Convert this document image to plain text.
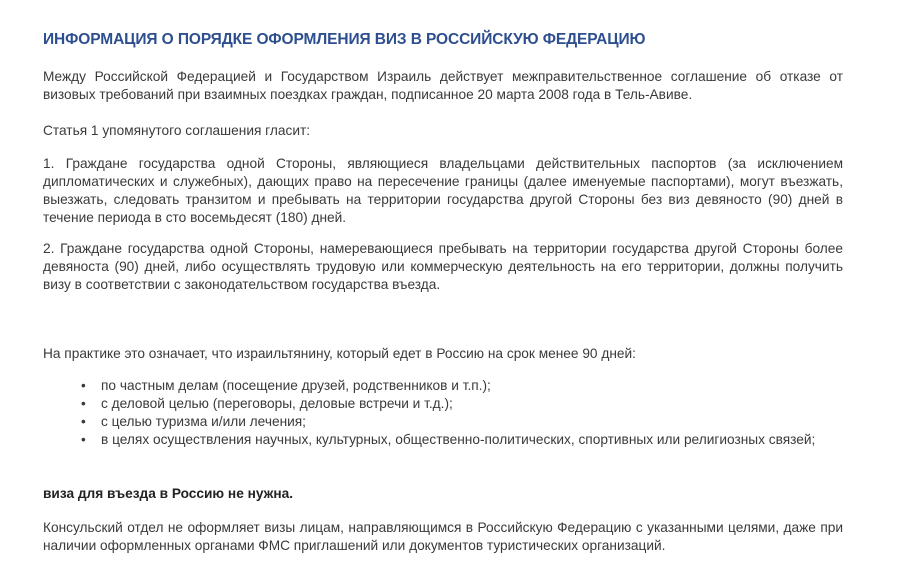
ИНФОРМАЦИЯ О ПОРЯДКЕ ОФОРМЛЕНИЯ ВИЗ В РОССИЙСКУЮ ФЕДЕРАЦИЮ

Между Российской Федерацией и Государством Израиль действует межправительственное соглашение об отказе от визовых требований при взаимных поездках граждан, подписанное 20 марта 2008 года в Тель-Авиве.

Статья 1 упомянутого соглашения гласит:

1. Граждане государства одной Стороны, являющиеся владельцами действительных паспортов (за исключением дипломатических и служебных), дающих право на пересечение границы (далее именуемые паспортами), могут въезжать, выезжать, следовать транзитом и пребывать на территории государства другой Стороны без виз девяносто (90) дней в течение периода в сто восемьдесят (180) дней.

2. Граждане государства одной Стороны, намеревающиеся пребывать на территории государства другой Стороны более девяноста (90) дней, либо осуществлять трудовую или коммерческую деятельность на его территории, должны получить визу в соответствии с законодательством государства въезда.

На практике это означает, что израильтянину, который едет в Россию на срок менее 90 дней:

• по частным делам (посещение друзей, родственников и т.п.);
• с деловой целью (переговоры, деловые встречи и т.д.);
• с целью туризма и/или лечения;
• в целях осуществления научных, культурных, общественно-политических, спортивных или религиозных связей;

виза для въезда в Россию не нужна.

Консульский отдел не оформляет визы лицам, направляющимся в Российскую Федерацию с указанными целями, даже при наличии оформленных органами ФМС приглашений или документов туристических организаций.
